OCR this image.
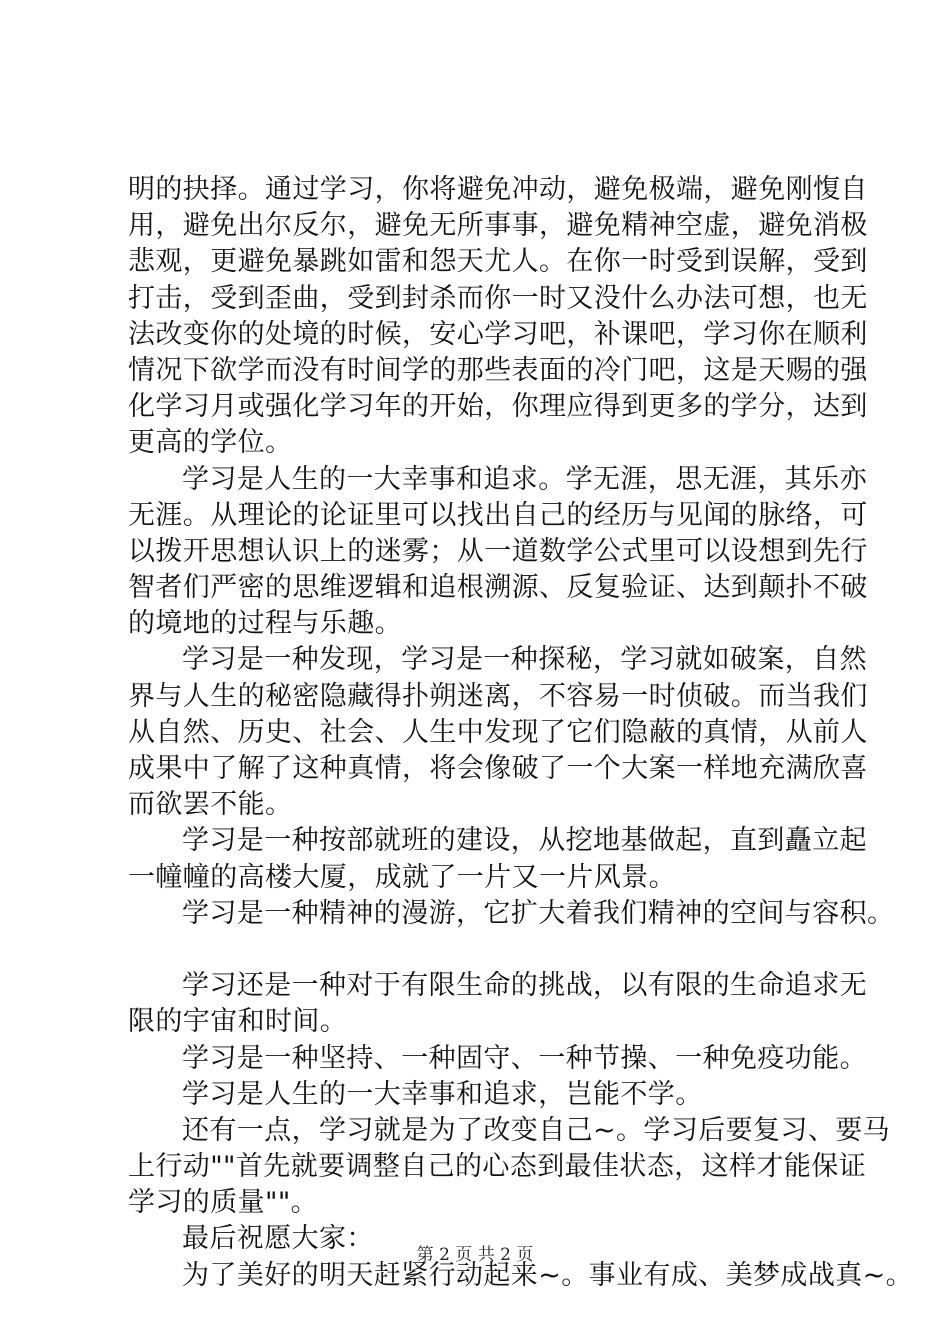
明的抉择。通过学习，你将避免冲动，避免极端，避免刚愎自
用，避免出尔反尔，避免无所事事，避免精神空虚，避免消极
悲观，更避免暴跳如雷和怨天尤人。在你一时受到误解，受到
打击，受到歪曲，受到封杀而你一时又没什么办法可想，也无
法改变你的处境的时候，安心学习吧，补课吧，学习你在顺利
情况下欲学而没有时间学的那些表面的冷门吧，这是天赐的强
化学习月或强化学习年的开始，你理应得到更多的学分，达到
更高的学位。
学习是人生的一大幸事和追求。学无涯，思无涯，其乐亦
无涯。从理论的论证里可以找出自己的经历与见闻的脉络，可
以拨开思想认识上的迷雾；从一道数学公式里可以设想到先行
智者们严密的思维逻辑和追根溯源、反复验证、达到颠扑不破
的境地的过程与乐趣。
学习是一种发现，学习是一种探秘，学习就如破案，自然
界与人生的秘密隐藏得扑朔迷离，不容易一时侦破。而当我们
从自然、历史、社会、人生中发现了它们隐蔽的真情，从前人
成果中了解了这种真情，将会像破了一个大案一样地充满欣喜
而欲罢不能。
学习是一种按部就班的建设，从挖地基做起，直到矗立起
一幢幢的高楼大厦，成就了一片又一片风景。
学习是一种精神的漫游，它扩大着我们精神的空间与容积。
学习还是一种对于有限生命的挑战，以有限的生命追求无
限的宇宙和时间。
学习是一种坚持、一种固守、一种节操、一种免疫功能。
学习是人生的一大幸事和追求，岂能不学。
还有一点，学习就是为了改变自己~。学习后要复习、要马
上行动""首先就要调整自己的心态到最佳状态，这样才能保证
学习的质量""。
最后祝愿大家：
为了美好的明天赶紧行动起来~。事业有成、美梦成战真~。
第 2 页 共 2 页
